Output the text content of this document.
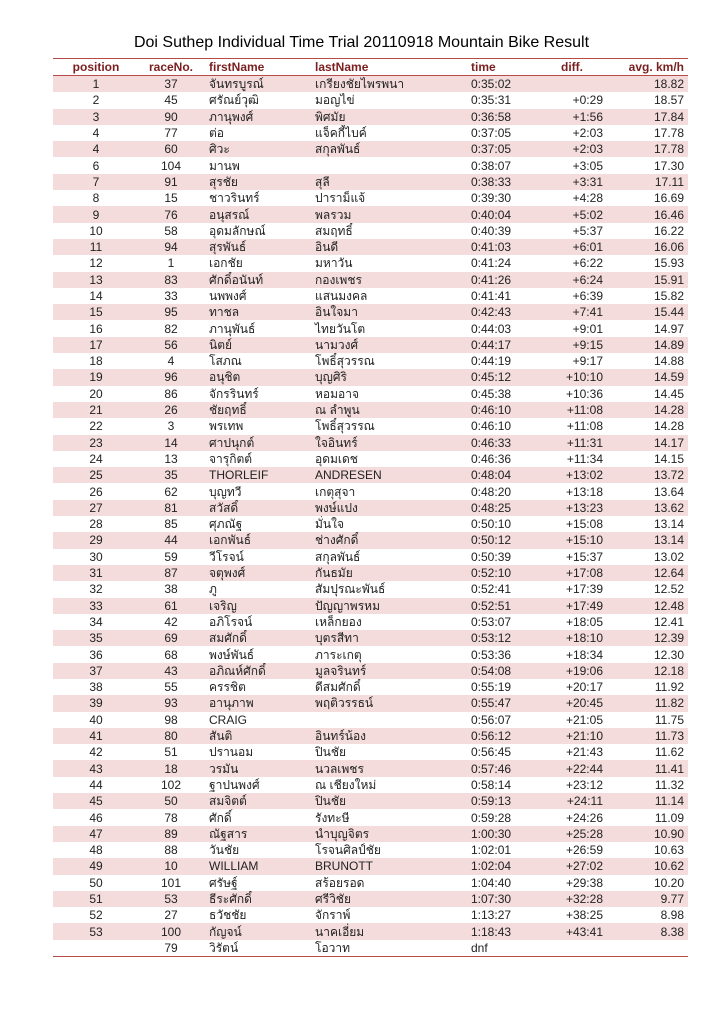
Doi Suthep Individual Time Trial 20110918 Mountain Bike Result
position	raceNo.	firstName	lastName	time	diff.	avg. km/h
1	37	จันทรบูรณ์	เกรียงชัยไพรพนา	0:35:02		18.82
2	45	ศรัณย์วุฒิ	มอญไข่	0:35:31	+0:29	18.57
3	90	ภานุพงศ์	พิศมัย	0:36:58	+1:56	17.84
4	77	ต่อ	แจ็คกี้ไบค์	0:37:05	+2:03	17.78
4	60	ศิวะ	สกุลพันธ์	0:37:05	+2:03	17.78
6	104	มานพ		0:38:07	+3:05	17.30
7	91	สุรชัย	สุลี	0:38:33	+3:31	17.11
8	15	ชาวรินทร์	ปาราม็แจ้	0:39:30	+4:28	16.69
9	76	อนุสรณ์	พลรวม	0:40:04	+5:02	16.46
10	58	อุดมลักษณ์	สมฤทธิ์	0:40:39	+5:37	16.22
11	94	สุรพันธ์	อินดี	0:41:03	+6:01	16.06
12	1	เอกชัย	มหาวัน	0:41:24	+6:22	15.93
13	83	ศักดิ์อนันท์	กองเพชร	0:41:26	+6:24	15.91
14	33	นพพงศ์	แสนมงคล	0:41:41	+6:39	15.82
15	95	ทาชล	อินใจมา	0:42:43	+7:41	15.44
16	82	ภานุพันธ์	ไทยวันโต	0:44:03	+9:01	14.97
17	56	นิตย์	นามวงศ์	0:44:17	+9:15	14.89
18	4	โสภณ	โพธิ์สุวรรณ	0:44:19	+9:17	14.88
19	96	อนุชิต	บุญศิริ	0:45:12	+10:10	14.59
20	86	จักรรินทร์	หอมอาจ	0:45:38	+10:36	14.45
21	26	ชัยฤทธิ์	ณ ลำพูน	0:46:10	+11:08	14.28
22	3	พรเทพ	โพธิ์สุวรรณ	0:46:10	+11:08	14.28
23	14	ศาปนุกต์	ใจอินทร์	0:46:33	+11:31	14.17
24	13	จารุกิตต์	อุดมเดช	0:46:36	+11:34	14.15
25	35	THORLEIF	ANDRESEN	0:48:04	+13:02	13.72
26	62	บุญทวี	เกตุสุจา	0:48:20	+13:18	13.64
27	81	สวัสดิ์	พงษ์แปง	0:48:25	+13:23	13.62
28	85	ศุภณัฐ	มั่นใจ	0:50:10	+15:08	13.14
29	44	เอกพันธ์	ช่างศักดิ์	0:50:12	+15:10	13.14
30	59	วีโรจน์	สกุลพันธ์	0:50:39	+15:37	13.02
31	87	จตุพงศ์	กันธมัย	0:52:10	+17:08	12.64
32	38	ภู	สัมปุรณะพันธ์	0:52:41	+17:39	12.52
33	61	เจริญ	ปัญญาพรหม	0:52:51	+17:49	12.48
34	42	อภิโรจน์	เหล็กยอง	0:53:07	+18:05	12.41
35	69	สมศักดิ์	บุตรสีทา	0:53:12	+18:10	12.39
36	68	พงษ์พันธ์	ภาระเกตุ	0:53:36	+18:34	12.30
37	43	อภิณห์ศักดิ์	มูลจรินทร์	0:54:08	+19:06	12.18
38	55	ครรชิต	ดีสมศักดิ์	0:55:19	+20:17	11.92
39	93	อานุภาพ	พฤติวรรธน์	0:55:47	+20:45	11.82
40	98	CRAIG		0:56:07	+21:05	11.75
41	80	สันติ	อินทร์น้อง	0:56:12	+21:10	11.73
42	51	ปรานอม	ปินชัย	0:56:45	+21:43	11.62
43	18	วรมัน	นวลเพชร	0:57:46	+22:44	11.41
44	102	ฐาปนพงศ์	ณ เชียงใหม่	0:58:14	+23:12	11.32
45	50	สมจิตต์	ปินชัย	0:59:13	+24:11	11.14
46	78	ศักดิ์	รังทะษี	0:59:28	+24:26	11.09
47	89	ณัฐสาร	นำบุญจิตร	1:00:30	+25:28	10.90
48	88	วันชัย	โรจนศิลป์ชัย	1:02:01	+26:59	10.63
49	10	WILLIAM	BRUNOTT	1:02:04	+27:02	10.62
50	101	ศรัษฐ์	สร้อยรอด	1:04:40	+29:38	10.20
51	53	ธีระศักดิ์	ศรีวิชัย	1:07:30	+32:28	9.77
52	27	ธวัชชัย	จักราพ์	1:13:27	+38:25	8.98
53	100	กัญจน์	นาคเอี่ยม	1:18:43	+43:41	8.38
	79	วิรัตน์	โอวาท	dnf		
